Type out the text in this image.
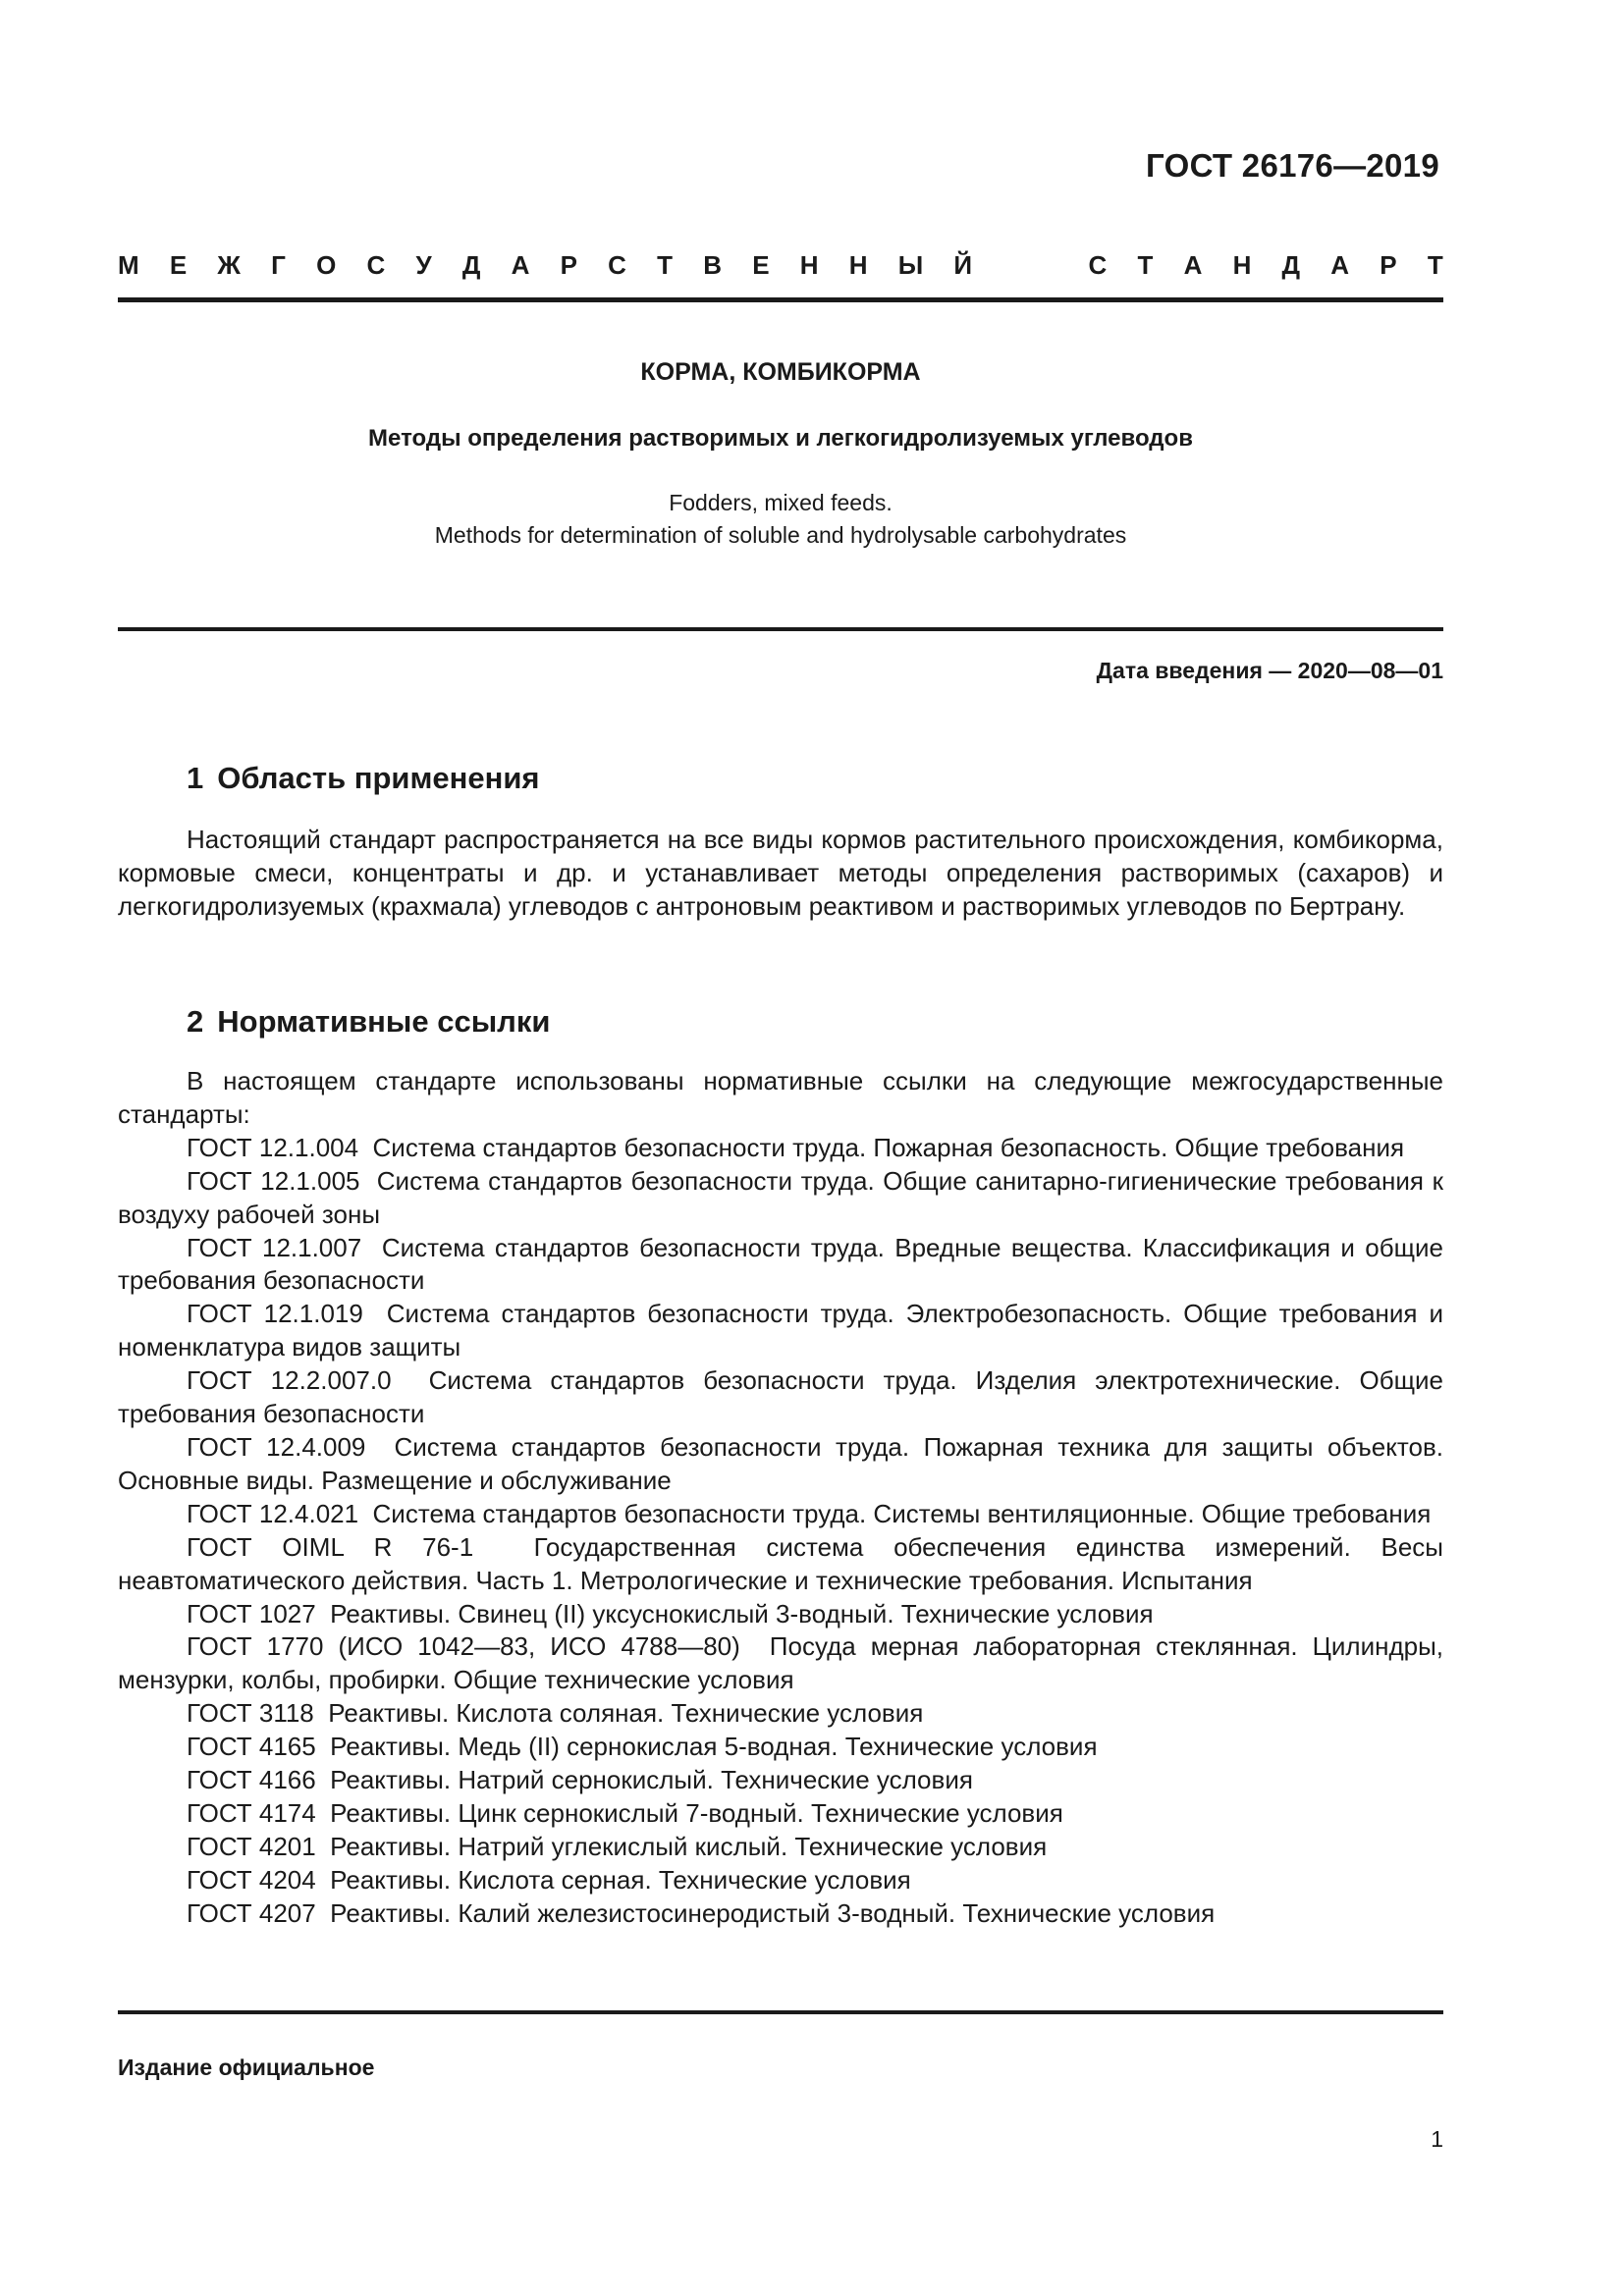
ГОСТ 26176—2019
М Е Ж Г О С У Д А Р С Т В Е Н Н Ы Й	С Т А Н Д А Р Т
КОРМА, КОМБИКОРМА
Методы определения растворимых и легкогидролизуемых углеводов
Fodders, mixed feeds.
Methods for determination of soluble and hydrolysable carbohydrates
Дата введения — 2020—08—01
1 Область применения
Настоящий стандарт распространяется на все виды кормов растительного происхождения, комбикорма, кормовые смеси, концентраты и др. и устанавливает методы определения растворимых (сахаров) и легкогидролизуемых (крахмала) углеводов с антроновым реактивом и растворимых углеводов по Бертрану.
2 Нормативные ссылки

В настоящем стандарте использованы нормативные ссылки на следующие межгосударственные стандарты:

ГОСТ 12.1.004 Система стандартов безопасности труда. Пожарная безопасность. Общие требования

ГОСТ 12.1.005 Система стандартов безопасности труда. Общие санитарно-гигиенические требования к воздуху рабочей зоны

ГОСТ 12.1.007 Система стандартов безопасности труда. Вредные вещества. Классификация и общие требования безопасности

ГОСТ 12.1.019 Система стандартов безопасности труда. Электробезопасность. Общие требования и номенклатура видов защиты

ГОСТ 12.2.007.0 Система стандартов безопасности труда. Изделия электротехнические. Общие требования безопасности

ГОСТ 12.4.009 Система стандартов безопасности труда. Пожарная техника для защиты объектов. Основные виды. Размещение и обслуживание

ГОСТ 12.4.021 Система стандартов безопасности труда. Системы вентиляционные. Общие требования

ГОСТ OIML R 76-1 Государственная система обеспечения единства измерений. Весы неавтоматического действия. Часть 1. Метрологические и технические требования. Испытания

ГОСТ 1027 Реактивы. Свинец (II) уксуснокислый 3-водный. Технические условия

ГОСТ 1770 (ИСО 1042—83, ИСО 4788—80) Посуда мерная лабораторная стеклянная. Цилиндры, мензурки, колбы, пробирки. Общие технические условия

ГОСТ 3118 Реактивы. Кислота соляная. Технические условия

ГОСТ 4165 Реактивы. Медь (II) сернокислая 5-водная. Технические условия

ГОСТ 4166 Реактивы. Натрий сернокислый. Технические условия

ГОСТ 4174 Реактивы. Цинк сернокислый 7-водный. Технические условия

ГОСТ 4201 Реактивы. Натрий углекислый кислый. Технические условия

ГОСТ 4204 Реактивы. Кислота серная. Технические условия

ГОСТ 4207 Реактивы. Калий железистосинеродистый 3-водный. Технические условия

Издание официальное
1
